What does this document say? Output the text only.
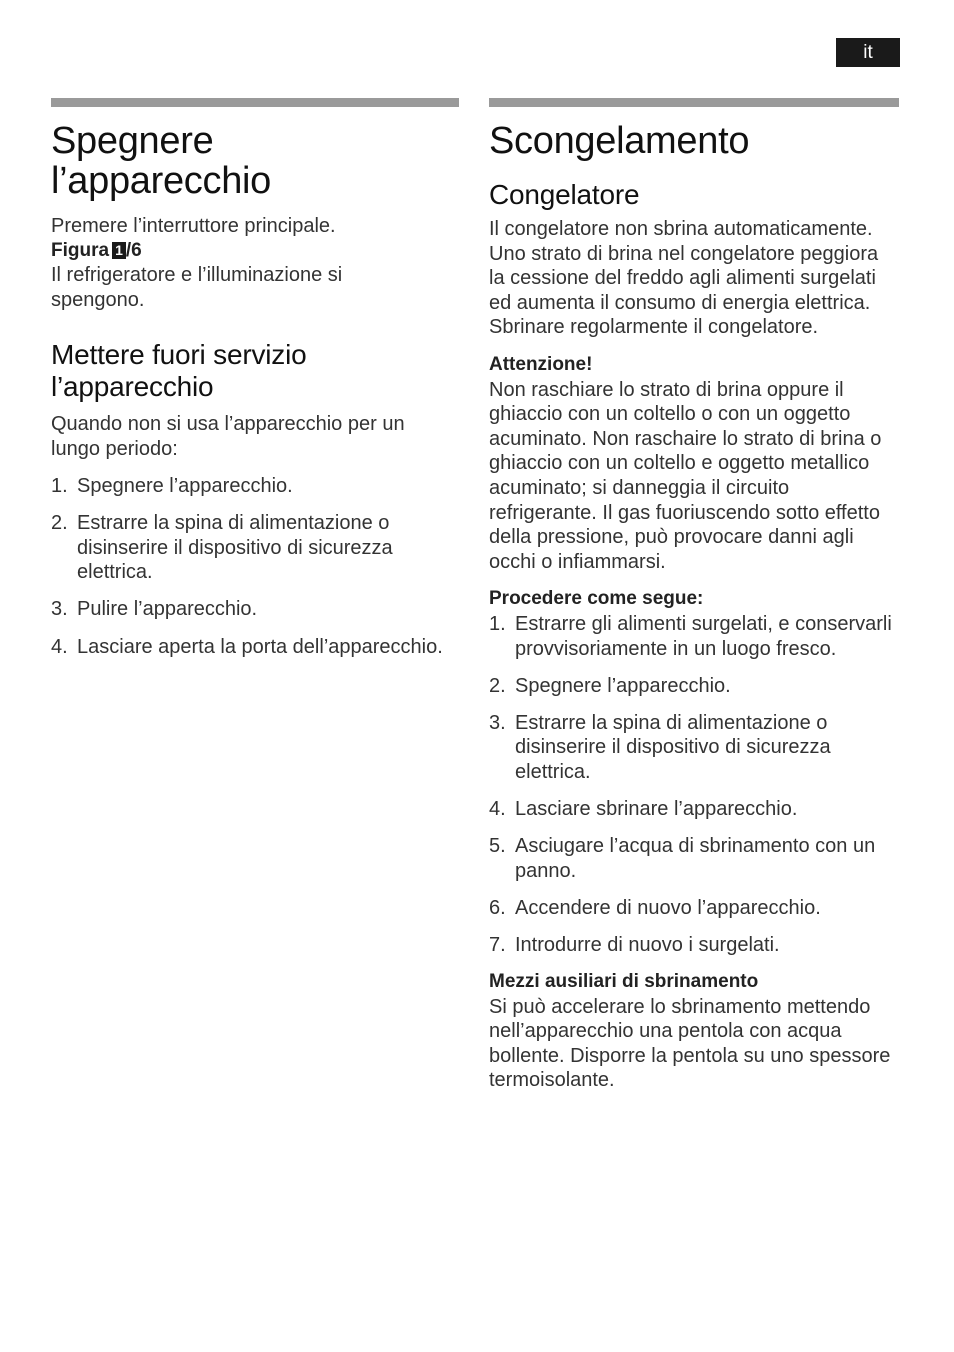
it
Spegnere l’apparecchio

Premere l’interruttore principale.

Figura 1 /6

Il refrigeratore e l’illuminazione si spengono.

Mettere fuori servizio l’apparecchio

Quando non si usa l’apparecchio per un lungo periodo:

1. Spegnere l’apparecchio.
2. Estrarre la spina di alimentazione o disinserire il dispositivo di sicurezza elettrica.
3. Pulire l’apparecchio.
4. Lasciare aperta la porta dell’apparecchio.
Scongelamento
Congelatore

Il congelatore non sbrina automaticamente. Uno strato di brina nel congelatore peggiora la cessione del freddo agli alimenti surgelati ed aumenta il consumo di energia elettrica. Sbrinare regolarmente il congelatore.

Attenzione!

Non raschiare lo strato di brina oppure il ghiaccio con un coltello o con un oggetto acuminato. Non raschaire lo strato di brina o ghiaccio con un coltello e oggetto metallico acuminato; si danneggia il circuito refrigerante. Il gas fuoriuscendo sotto effetto della pressione, può provocare danni agli occhi o infiammarsi.

Procedere come segue:

1. Estrarre gli alimenti surgelati, e conservarli provvisoriamente in un luogo fresco.
2. Spegnere l’apparecchio.
3. Estrarre la spina di alimentazione o disinserire il dispositivo di sicurezza elettrica.
4. Lasciare sbrinare l’apparecchio.
5. Asciugare l’acqua di sbrinamento con un panno.
6. Accendere di nuovo l’apparecchio.
7. Introdurre di nuovo i surgelati.

Mezzi ausiliari di sbrinamento

Si può accelerare lo sbrinamento mettendo nell’apparecchio una pentola con acqua bollente. Disporre la pentola su uno spessore termoisolante.
